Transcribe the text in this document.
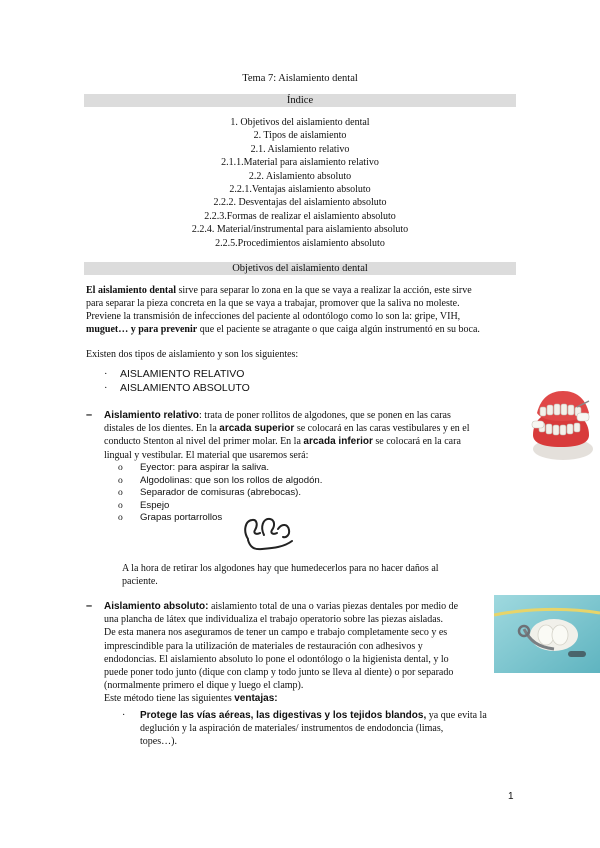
Tema 7: Aislamiento dental
Índice
1. Objetivos del aislamiento dental
2. Tipos de aislamiento
2.1. Aislamiento relativo
2.1.1.Material para aislamiento relativo
2.2. Aislamiento absoluto
2.2.1.Ventajas aislamiento absoluto
2.2.2. Desventajas del aislamiento absoluto
2.2.3.Formas de realizar el aislamiento absoluto
2.2.4. Material/instrumental para aislamiento absoluto
2.2.5.Procedimientos aislamiento absoluto
Objetivos del aislamiento dental
El aislamiento dental sirve para separar lo zona en la que se vaya a realizar la acción, este sirve
para separar la pieza concreta en la que se vaya a trabajar, promover que la saliva no moleste.
Previene la transmisión de infecciones del paciente al odontólogo como lo son la: gripe, VIH,
muguet… y para prevenir que el paciente se atragante o que caiga algún instrumentó en su boca.
Existen dos tipos de aislamiento y son los siguientes:
· AISLAMIENTO RELATIVO
· AISLAMIENTO ABSOLUTO
– Aislamiento relativo: trata de poner rollitos de algodones, que se ponen en las caras
distales de los dientes. En la arcada superior se colocará en las caras vestibulares y en el
conducto Stenton al nivel del primer molar. En la arcada inferior se colocará en la cara
lingual y vestibular. El material que usaremos será:
o Eyector: para aspirar la saliva.
o Algodolinas: que son los rollos de algodón.
o Separador de comisuras (abrebocas).
o Espejo
o Grapas portarrollos
A la hora de retirar los algodones hay que humedecerlos para no hacer daños al
paciente.
– Aislamiento absoluto: aislamiento total de una o varias piezas dentales por medio de
una plancha de látex que individualiza el trabajo operatorio sobre las piezas aisladas.
De esta manera nos aseguramos de tener un campo e trabajo completamente seco y es
imprescindible para la utilización de materiales de restauración con adhesivos y
endodoncias. El aislamiento absoluto lo pone el odontólogo o la higienista dental, y lo
puede poner todo junto (dique con clamp y todo junto se lleva al diente) o por separado
(normalmente primero el dique y luego el clamp).
Este método tiene las siguientes ventajas:
· Protege las vías aéreas, las digestivas y los tejidos blandos, ya que evita la
deglución y la aspiración de materiales/ instrumentos de endodoncia (limas,
topes…).
1
